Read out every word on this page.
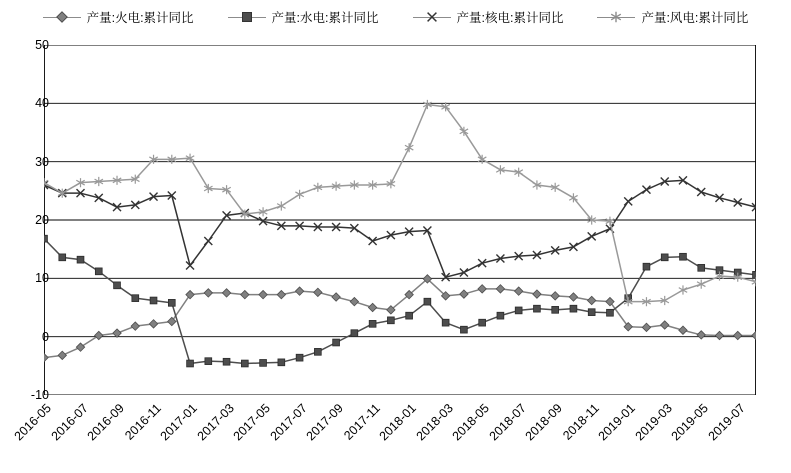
产量:火电:累计同比	产量:水电:累计同比	产量:核电:累计同比	产量:风电:累计同比
-10
0
10
20
30
40
50
2016-05
2016-07
2016-09
2016-11
2017-01
2017-03
2017-05
2017-07
2017-09
2017-11
2018-01
2018-03
2018-05
2018-07
2018-09
2018-11
2019-01
2019-03
2019-05
2019-07
